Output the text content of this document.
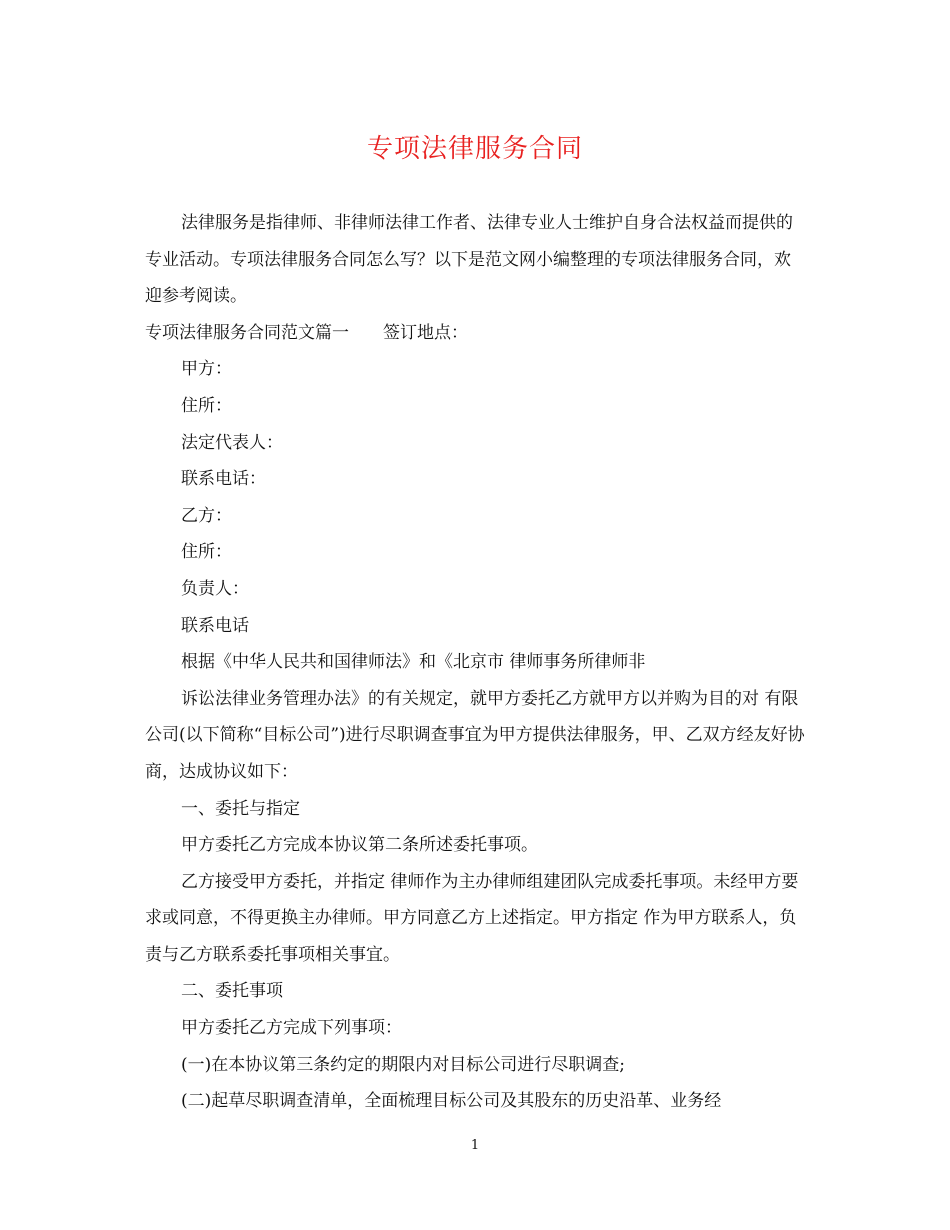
专项法律服务合同

法律服务是指律师、非律师法律工作者、法律专业人士维护自身合法权益而提供的专业活动。专项法律服务合同怎么写？以下是范文网小编整理的专项法律服务合同，欢迎参考阅读。

专项法律服务合同范文篇一　　签订地点：

甲方：

住所：

法定代表人：

联系电话：

乙方：

住所：

负责人：

联系电话

根据《中华人民共和国律师法》和《北京市 律师事务所律师非

诉讼法律业务管理办法》的有关规定，就甲方委托乙方就甲方以并购为目的对 有限公司(以下简称“目标公司”)进行尽职调查事宜为甲方提供法律服务，甲、乙双方经友好协商，达成协议如下：

一、委托与指定

甲方委托乙方完成本协议第二条所述委托事项。

乙方接受甲方委托，并指定 律师作为主办律师组建团队完成委托事项。未经甲方要求或同意，不得更换主办律师。甲方同意乙方上述指定。甲方指定 作为甲方联系人，负责与乙方联系委托事项相关事宜。

二、委托事项

甲方委托乙方完成下列事项：

(一)在本协议第三条约定的期限内对目标公司进行尽职调查;

(二)起草尽职调查清单，全面梳理目标公司及其股东的历史沿革、业务经

1
